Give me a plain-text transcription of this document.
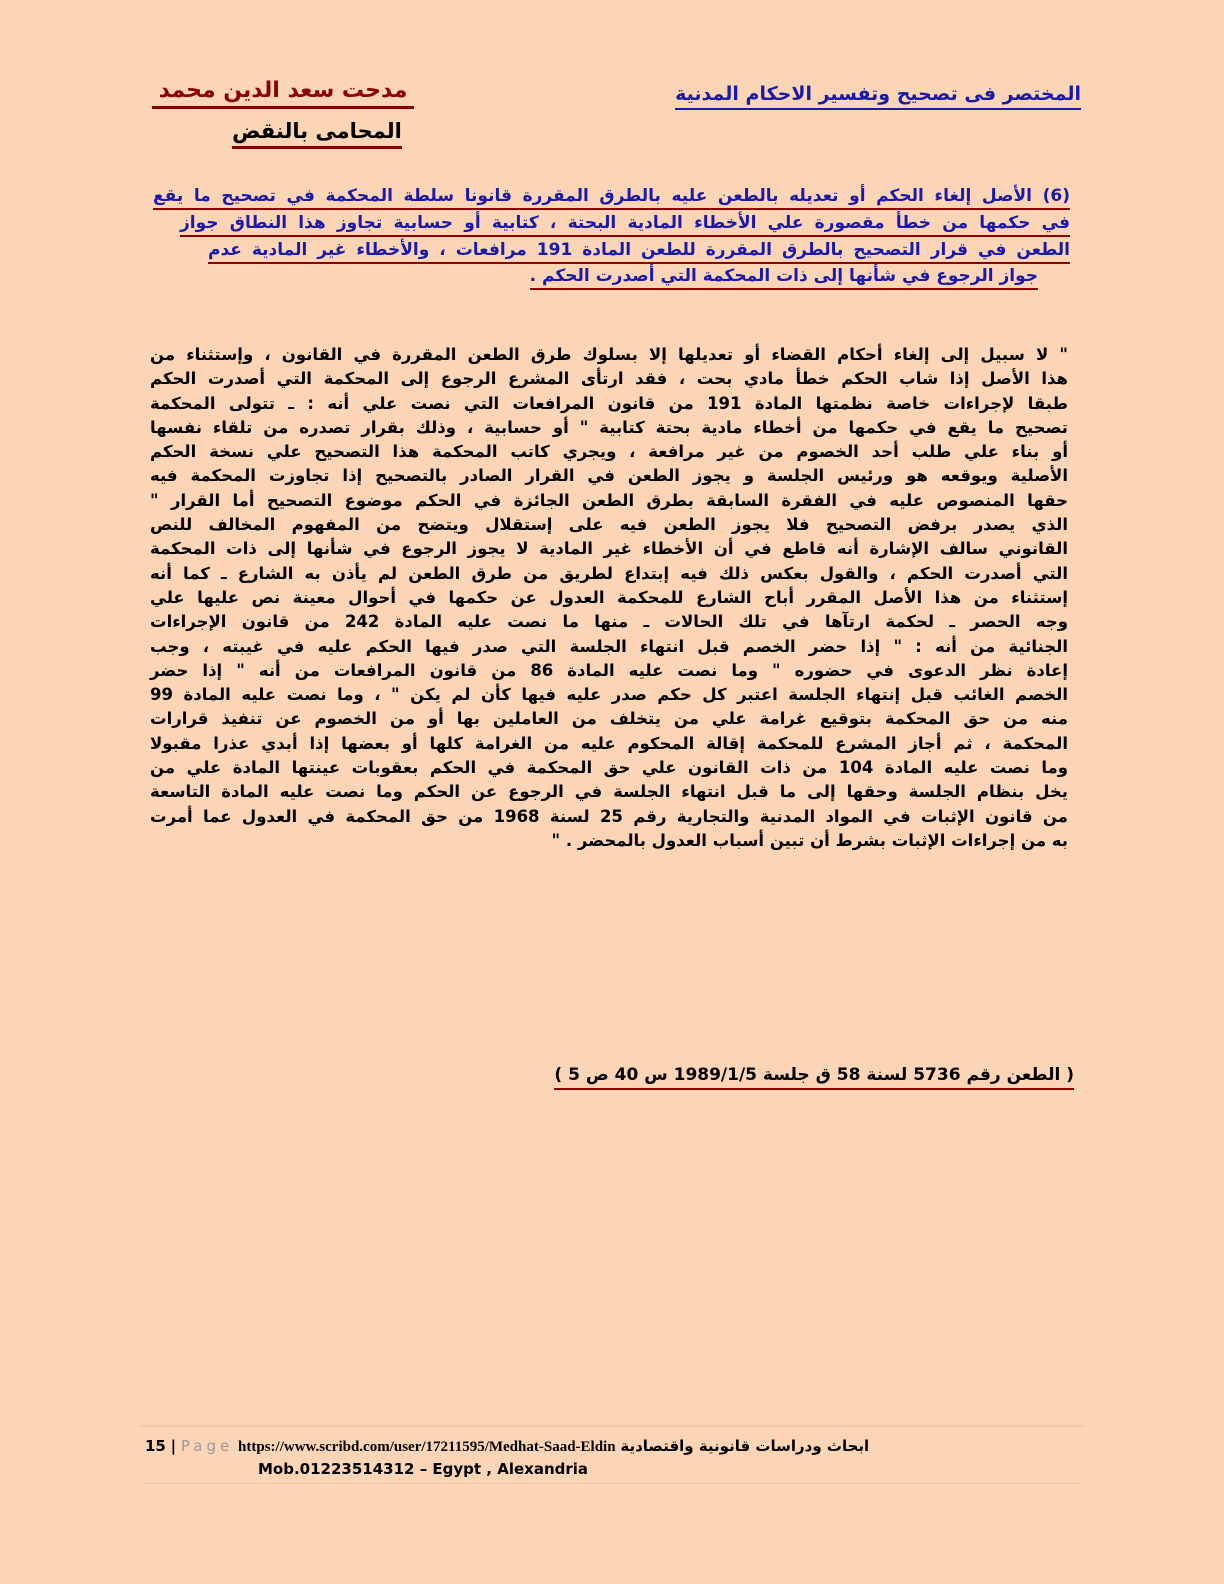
المختصر فى تصحيح وتفسير الاحكام المدنية
مدحت سعد الدين محمد
المحامى بالنقض
(6) الأصل إلغاء الحكم أو تعديله بالطعن عليه بالطرق المقررة قانونا سلطة المحكمة في تصحيح ما يقع
في حكمها من خطأ مقصورة علي الأخطاء المادية البحتة ، كتابية أو حسابية تجاوز هذا النطاق جواز
الطعن في قرار التصحيح بالطرق المقررة للطعن المادة 191 مرافعات ، والأخطاء غير المادية عدم
جواز الرجوع في شأنها إلى ذات المحكمة التي أصدرت الحكم .
" لا سبيل إلى إلغاء أحكام القضاء أو تعديلها إلا بسلوك طرق الطعن المقررة في القانون ، وإستثناء من
هذا الأصل إذا شاب الحكم خطأ مادي بحت ، فقد ارتأى المشرع الرجوع إلى المحكمة التي أصدرت الحكم
طبقا لإجراءات خاصة نظمتها المادة 191 من قانون المرافعات التي نصت علي أنه : ـ تتولى المحكمة
تصحيح ما يقع في حكمها من أخطاء مادية بحتة كتابية " أو حسابية ، وذلك بقرار تصدره من تلقاء نفسها
أو بناء علي طلب أحد الخصوم من غير مرافعة ، ويجري كاتب المحكمة هذا التصحيح علي نسخة الحكم
الأصلية ويوقعه هو ورئيس الجلسة و يجوز الطعن في القرار الصادر بالتصحيح إذا تجاوزت المحكمة فيه
حقها المنصوص عليه في الفقرة السابقة بطرق الطعن الجائزة في الحكم موضوع التصحيح أما القرار "
الذي يصدر برفض التصحيح فلا يجوز الطعن فيه على إستقلال ويتضح من المفهوم المخالف للنص
القانوني سالف الإشارة أنه قاطع في أن الأخطاء غير المادية لا يجوز الرجوع في شأنها إلى ذات المحكمة
التي أصدرت الحكم ، والقول بعكس ذلك فيه إبتداع لطريق من طرق الطعن لم يأذن به الشارع ـ كما أنه
إستثناء من هذا الأصل المقرر أباح الشارع للمحكمة العدول عن حكمها في أحوال معينة نص عليها علي
وجه الحصر ـ لحكمة ارتآها في تلك الحالات ـ منها ما نصت عليه المادة 242 من قانون الإجراءات
الجنائية من أنه : " إذا حضر الخصم قبل انتهاء الجلسة التي صدر فيها الحكم عليه في غيبته ، وجب
إعادة نظر الدعوى في حضوره " وما نصت عليه المادة 86 من قانون المرافعات من أنه " إذا حضر
الخصم الغائب قبل إنتهاء الجلسة اعتبر كل حكم صدر عليه فيها كأن لم يكن " ، وما نصت عليه المادة 99
منه من حق المحكمة بتوقيع غرامة علي من يتخلف من العاملين بها أو من الخصوم عن تنفيذ قرارات
المحكمة ، ثم أجاز المشرع للمحكمة إقالة المحكوم عليه من الغرامة كلها أو بعضها إذا أبدي عذرا مقبولا
وما نصت عليه المادة 104 من ذات القانون علي حق المحكمة في الحكم بعقوبات عينتها المادة علي من
يخل بنظام الجلسة وحقها إلى ما قبل انتهاء الجلسة في الرجوع عن الحكم وما نصت عليه المادة التاسعة
من قانون الإثبات في المواد المدنية والتجارية رقم 25 لسنة 1968 من حق المحكمة في العدول عما أمرت
به من إجراءات الإثبات بشرط أن تبين أسباب العدول بالمحضر . "
( الطعن رقم 5736 لسنة 58 ق جلسة 1989/1/5 س 40 ص 5 )
15 | Page https://www.scribd.com/user/17211595/Medhat-Saad-Eldin ابحاث ودراسات قانونية واقتصادية
Mob.01223514312 – Egypt , Alexandria
